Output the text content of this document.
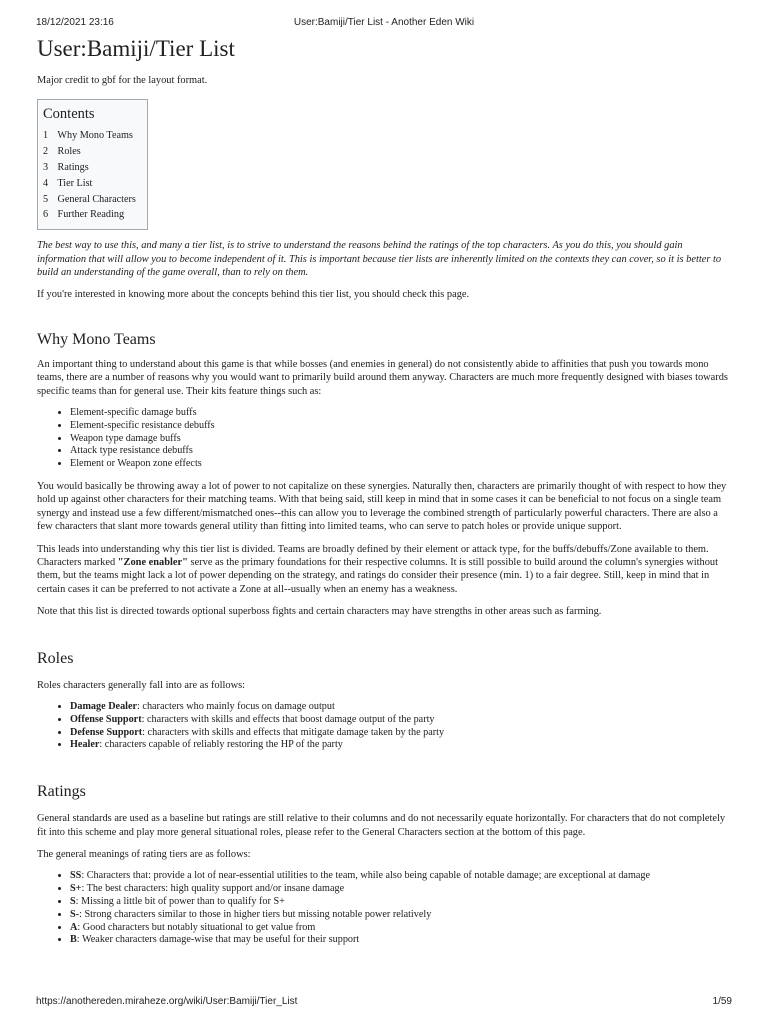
18/12/2021 23:16	User:Bamiji/Tier List - Another Eden Wiki
User:Bamiji/Tier List

Major credit to gbf for the layout format.

Contents
1 Why Mono Teams
2 Roles
3 Ratings
4 Tier List
5 General Characters
6 Further Reading

The best way to use this, and many a tier list, is to strive to understand the reasons behind the ratings of the top characters. As you do this, you should gain information that will allow you to become independent of it. This is important because tier lists are inherently limited on the contexts they can cover, so it is better to build an understanding of the game overall, than to rely on them.

If you're interested in knowing more about the concepts behind this tier list, you should check this page.

Why Mono Teams

An important thing to understand about this game is that while bosses (and enemies in general) do not consistently abide to affinities that push you towards mono teams, there are a number of reasons why you would want to primarily build around them anyway. Characters are much more frequently designed with biases towards specific teams than for general use. Their kits feature things such as:

• Element-specific damage buffs
• Element-specific resistance debuffs
• Weapon type damage buffs
• Attack type resistance debuffs
• Element or Weapon zone effects

You would basically be throwing away a lot of power to not capitalize on these synergies. Naturally then, characters are primarily thought of with respect to how they hold up against other characters for their matching teams. With that being said, still keep in mind that in some cases it can be beneficial to not focus on a single team synergy and instead use a few different/mismatched ones--this can allow you to leverage the combined strength of particularly powerful characters. There are also a few characters that slant more towards general utility than fitting into limited teams, who can serve to patch holes or provide unique support.

This leads into understanding why this tier list is divided. Teams are broadly defined by their element or attack type, for the buffs/debuffs/Zone available to them. Characters marked "Zone enabler" serve as the primary foundations for their respective columns. It is still possible to build around the column's synergies without them, but the teams might lack a lot of power depending on the strategy, and ratings do consider their presence (min. 1) to a fair degree. Still, keep in mind that in certain cases it can be preferred to not activate a Zone at all--usually when an enemy has a weakness.

Note that this list is directed towards optional superboss fights and certain characters may have strengths in other areas such as farming.

Roles

Roles characters generally fall into are as follows:

• Damage Dealer: characters who mainly focus on damage output
• Offense Support: characters with skills and effects that boost damage output of the party
• Defense Support: characters with skills and effects that mitigate damage taken by the party
• Healer: characters capable of reliably restoring the HP of the party
Ratings

General standards are used as a baseline but ratings are still relative to their columns and do not necessarily equate horizontally. For characters that do not completely fit into this scheme and play more general situational roles, please refer to the General Characters section at the bottom of this page.

The general meanings of rating tiers are as follows:

• SS: Characters that: provide a lot of near-essential utilities to the team, while also being capable of notable damage; are exceptional at damage
• S+: The best characters: high quality support and/or insane damage
• S: Missing a little bit of power than to qualify for S+
• S-: Strong characters similar to those in higher tiers but missing notable power relatively
• A: Good characters but notably situational to get value from
• B: Weaker characters damage-wise that may be useful for their support
https://anothereden.miraheze.org/wiki/User:Bamiji/Tier_List	1/59
